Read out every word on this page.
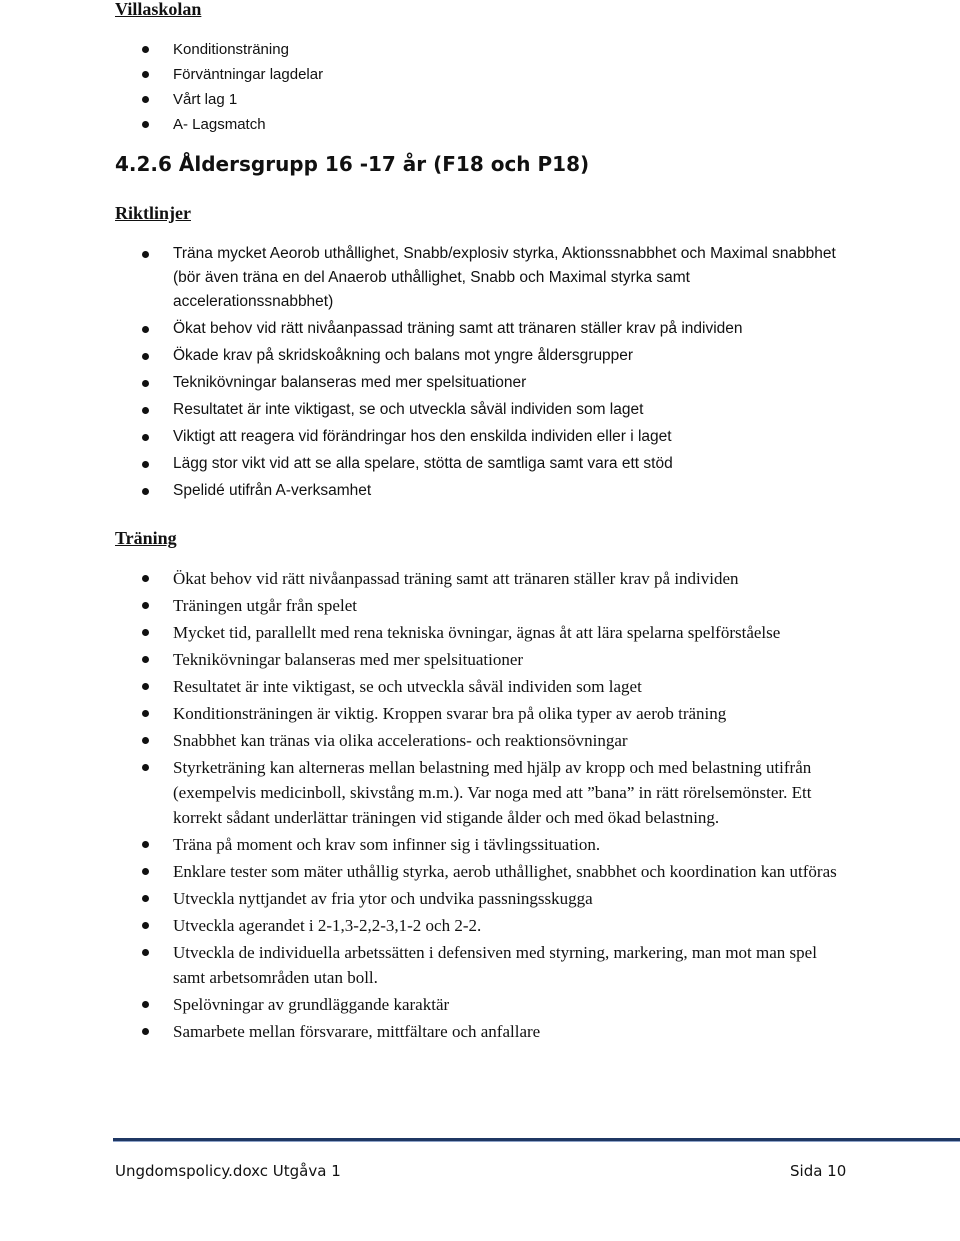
Villaskolan
Konditionsträning
Förväntningar lagdelar
Vårt lag 1
A- Lagsmatch
4.2.6 Åldersgrupp 16 -17 år (F18 och P18)
Riktlinjer
Träna mycket Aeorob uthållighet, Snabb/explosiv styrka, Aktionssnabbhet och Maximal snabbhet (bör även träna en del Anaerob uthållighet, Snabb och Maximal styrka samt accelerationssnabbhet)
Ökat behov vid rätt nivåanpassad träning samt att tränaren ställer krav på individen
Ökade krav på skridskoåkning och balans mot yngre åldersgrupper
Teknikövningar balanseras med mer spelsituationer
Resultatet är inte viktigast, se och utveckla såväl individen som laget
Viktigt att reagera vid förändringar hos den enskilda individen eller i laget
Lägg stor vikt vid att se alla spelare, stötta de samtliga samt vara ett stöd
Spelidé utifrån A-verksamhet
Träning
Ökat behov vid rätt nivåanpassad träning samt att tränaren ställer krav på individen
Träningen utgår från spelet
Mycket tid, parallellt med rena tekniska övningar, ägnas åt att lära spelarna spelförståelse
Teknikövningar balanseras med mer spelsituationer
Resultatet är inte viktigast, se och utveckla såväl individen som laget
Konditionsträningen är viktig. Kroppen svarar bra på olika typer av aerob träning
Snabbhet kan tränas via olika accelerations- och reaktionsövningar
Styrketräning kan alterneras mellan belastning med hjälp av kropp och med belastning utifrån (exempelvis medicinboll, skivstång m.m.). Var noga med att ”bana” in rätt rörelsemönster. Ett korrekt sådant underlättar träningen vid stigande ålder och med ökad belastning.
Träna på moment och krav som infinner sig i tävlingssituation.
Enklare tester som mäter uthållig styrka, aerob uthållighet, snabbhet och koordination kan utföras
Utveckla nyttjandet av fria ytor och undvika passningsskugga
Utveckla agerandet i 2-1,3-2,2-3,1-2 och 2-2.
Utveckla de individuella arbetssätten i defensiven med styrning, markering, man mot man spel samt arbetsområden utan boll.
Spelövningar av grundläggande karaktär
Samarbete mellan försvarare, mittfältare och anfallare
Ungdomspolicy.doxc Utgåva 1	Sida 10
